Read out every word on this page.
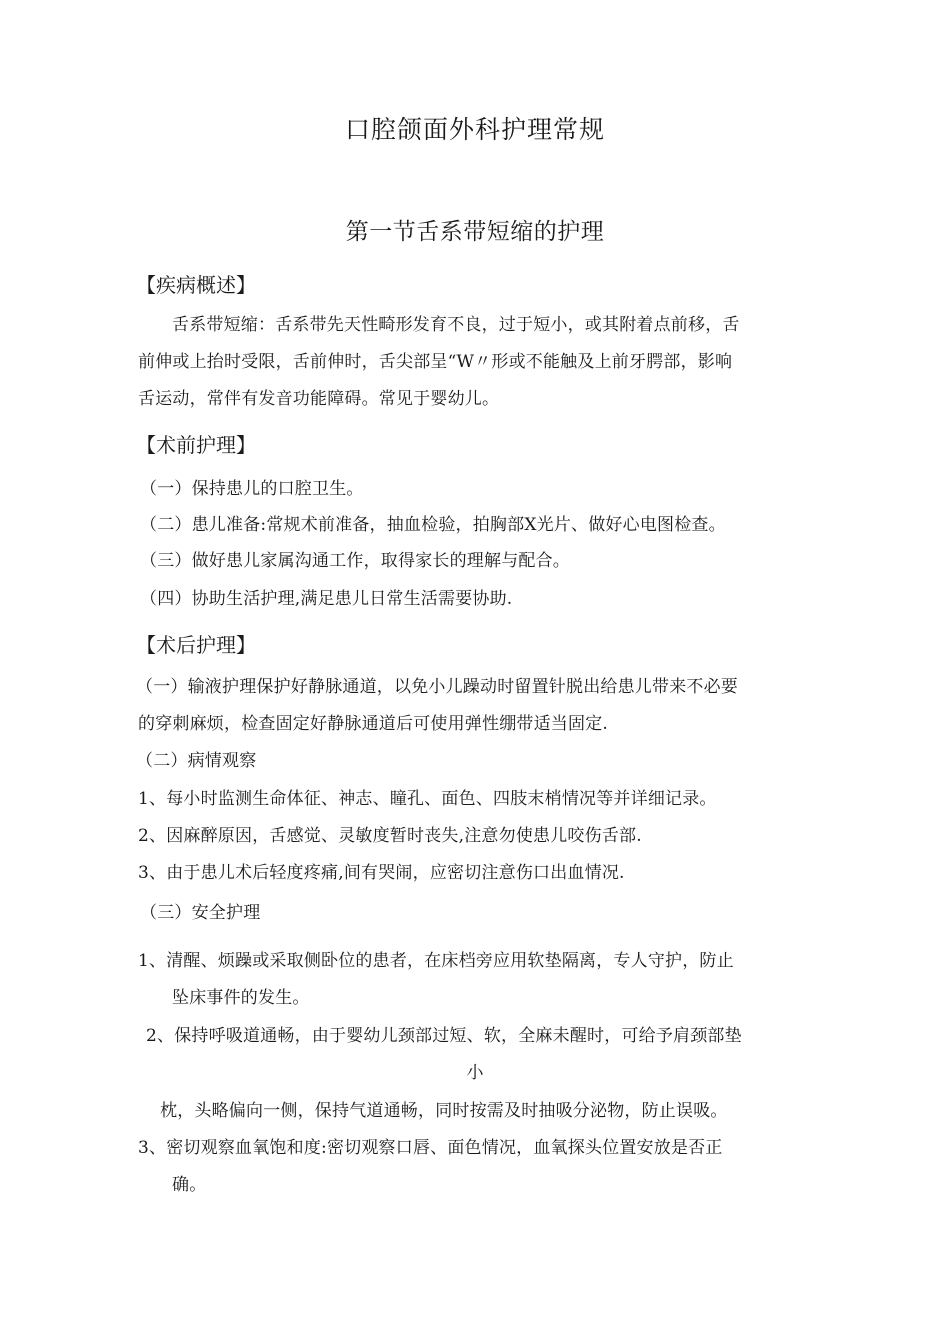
口腔颌面外科护理常规
第一节舌系带短缩的护理
【疾病概述】
舌系带短缩：舌系带先天性畸形发育不良，过于短小，或其附着点前移，舌
前伸或上抬时受限，舌前伸时，舌尖部呈“W〃形或不能触及上前牙腭部，影响
舌运动，常伴有发音功能障碍。常见于婴幼儿。
【术前护理】
（一）保持患儿的口腔卫生。
（二）患儿准备:常规术前准备，抽血检验，拍胸部X光片、做好心电图检查。
（三）做好患儿家属沟通工作，取得家长的理解与配合。
（四）协助生活护理,满足患儿日常生活需要协助.
【术后护理】
（一）输液护理保护好静脉通道，以免小儿躁动时留置针脱出给患儿带来不必要
的穿刺麻烦，检查固定好静脉通道后可使用弹性绷带适当固定.
（二）病情观察
1、每小时监测生命体征、神志、瞳孔、面色、四肢末梢情况等并详细记录。
2、因麻醉原因，舌感觉、灵敏度暂时丧失,注意勿使患儿咬伤舌部.
3、由于患儿术后轻度疼痛,间有哭闹，应密切注意伤口出血情况.
（三）安全护理
1、清醒、烦躁或采取侧卧位的患者，在床档旁应用软垫隔离，专人守护，防止
坠床事件的发生。
2、保持呼吸道通畅，由于婴幼儿颈部过短、软，全麻未醒时，可给予肩颈部垫
小
枕，头略偏向一侧，保持气道通畅，同时按需及时抽吸分泌物，防止误吸。
3、密切观察血氧饱和度:密切观察口唇、面色情况，血氧探头位置安放是否正
确。
